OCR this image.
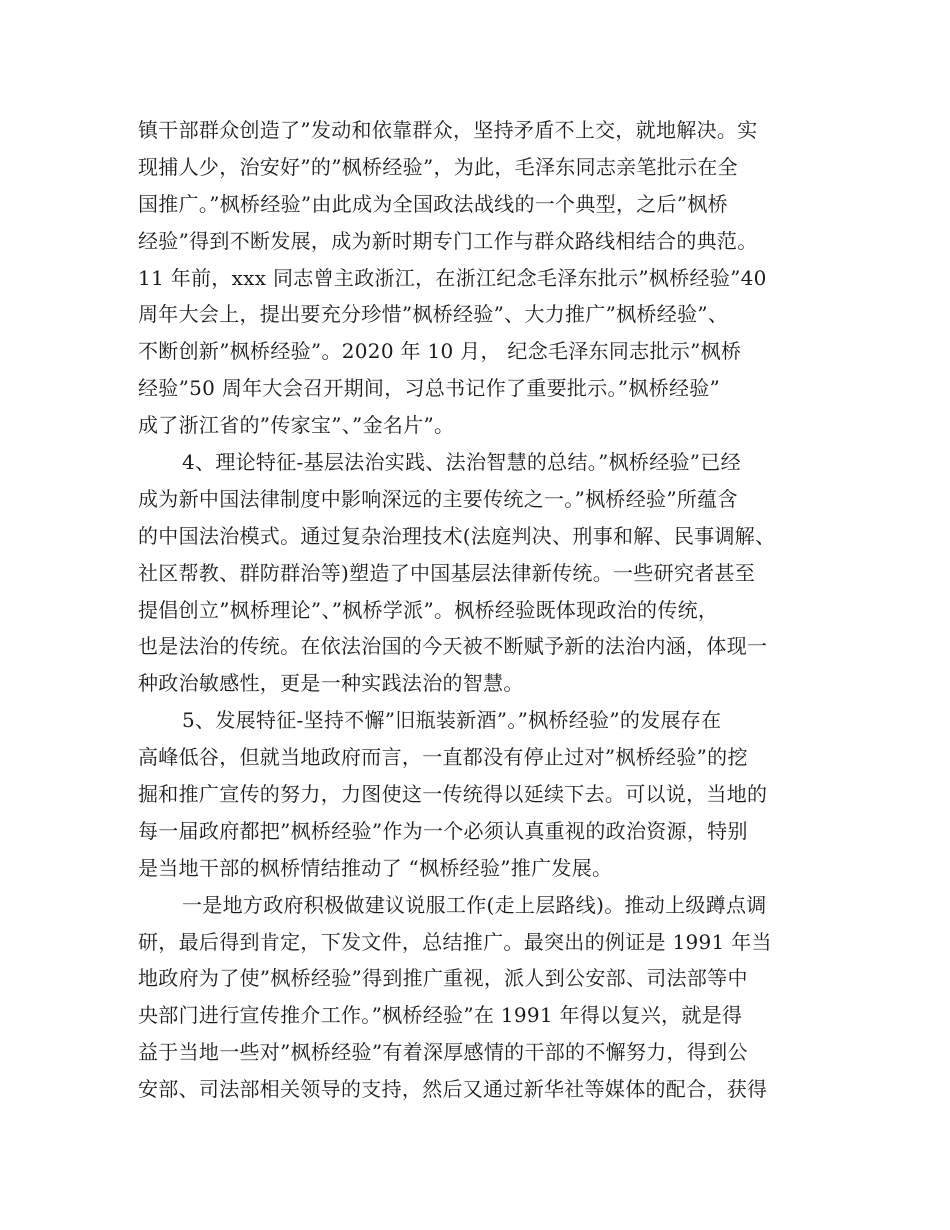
镇干部群众创造了”发动和依靠群众，坚持矛盾不上交，就地解决。实
现捕人少，治安好”的”枫桥经验”，为此，毛泽东同志亲笔批示在全
国推广。”枫桥经验”由此成为全国政法战线的一个典型，之后”枫桥
经验”得到不断发展，成为新时期专门工作与群众路线相结合的典范。
11 年前，xxx 同志曾主政浙江，在浙江纪念毛泽东批示”枫桥经验”40
周年大会上，提出要充分珍惜”枫桥经验”、大力推广”枫桥经验”、
不断创新”枫桥经验”。2020 年 10 月， 纪念毛泽东同志批示”枫桥
经验”50 周年大会召开期间，习总书记作了重要批示。”枫桥经验”
成了浙江省的”传家宝”、”金名片”。
4、理论特征-基层法治实践、法治智慧的总结。”枫桥经验”已经
成为新中国法律制度中影响深远的主要传统之一。”枫桥经验”所蕴含
的中国法治模式。通过复杂治理技术(法庭判决、刑事和解、民事调解、
社区帮教、群防群治等)塑造了中国基层法律新传统。一些研究者甚至
提倡创立”枫桥理论”、”枫桥学派”。枫桥经验既体现政治的传统，
也是法治的传统。在依法治国的今天被不断赋予新的法治内涵，体现一
种政治敏感性，更是一种实践法治的智慧。
5、发展特征-坚持不懈”旧瓶装新酒”。”枫桥经验”的发展存在
高峰低谷，但就当地政府而言，一直都没有停止过对”枫桥经验”的挖
掘和推广宣传的努力，力图使这一传统得以延续下去。可以说，当地的
每一届政府都把”枫桥经验”作为一个必须认真重视的政治资源，特别
是当地干部的枫桥情结推动了 “枫桥经验”推广发展。
一是地方政府积极做建议说服工作(走上层路线)。推动上级蹲点调
研，最后得到肯定，下发文件，总结推广。最突出的例证是 1991 年当
地政府为了使”枫桥经验”得到推广重视，派人到公安部、司法部等中
央部门进行宣传推介工作。”枫桥经验”在 1991 年得以复兴，就是得
益于当地一些对”枫桥经验”有着深厚感情的干部的不懈努力，得到公
安部、司法部相关领导的支持，然后又通过新华社等媒体的配合，获得
